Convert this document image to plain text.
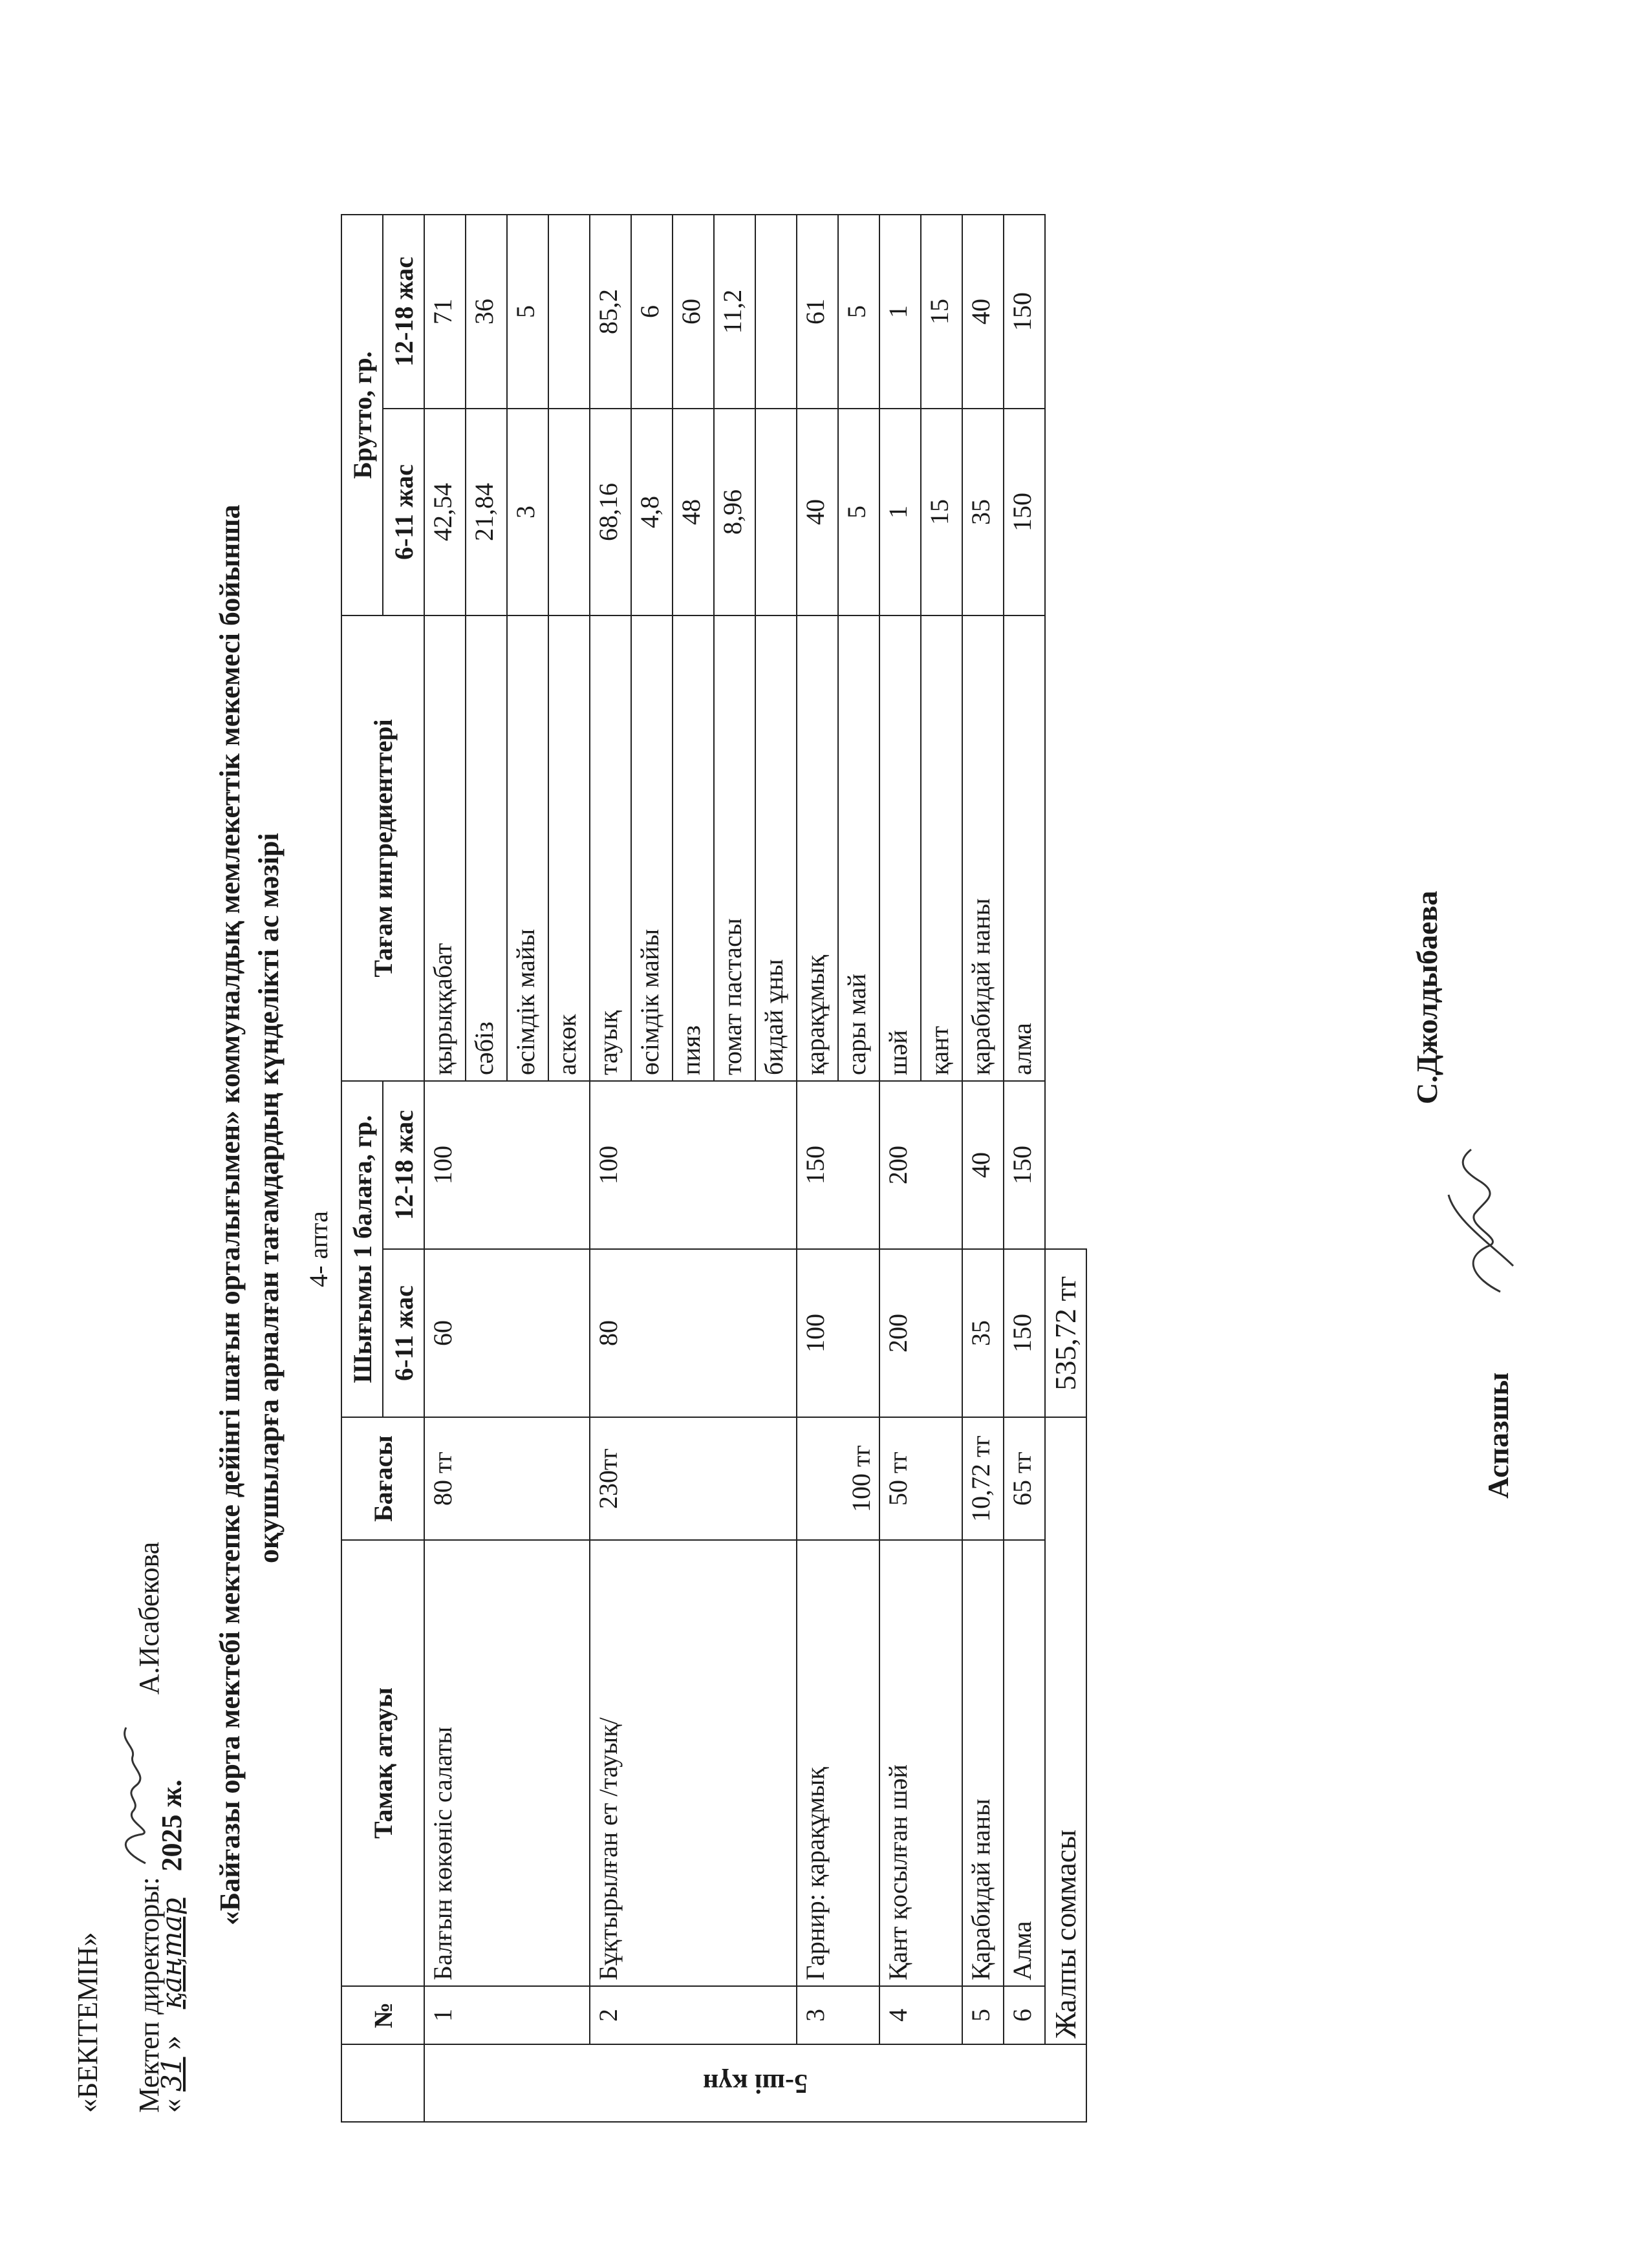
«БЕКІТЕМІН»	Мектеп директоры:  А.Исабекова
« 31 » қаңтар 2025 ж. «Байғазы орта мектебі мектепке дейінгі шағын орталығымен» коммуналдық мемлекеттік мекемесі бойынша оқушыларға арналған тағамдардың күнделікті ас мәзірі
				4- апта				
	№	Тамақ атауы	Бағасы	Шығымы 1 балаға, гр.		Тағам ингредиенттері	Брутто, гр.	
				6-11 жас	12-18 жас		6-11 жас	12-18 жас

5-ші күн	1	Балғын көкөніс салаты	80 тг	60	100	қырыққабат	42,54	71
						сәбіз	21,84	36
						өсімдік майы	3	5
						аскөк		
	2	Бұқтырылған ет /тауық/	230тг	80	100	тауық	68,16	85,2
						өсімдік майы	4,8	6
						пияз	48	60
						томат пастасы	8,96	11,2
						бидай ұны		
	3	Гарнир: қарақұмық	100 тг	100	150	қарақұмық	40	61
						сары май	5	5
	4	Қант қосылған шәй	50 тг	200	200	шәй	1	1
						қант	15	15
	5	Қарабидай наны	10,72 тг	35	40	қарабидай наны	35	40
	6	Алма	65 тг	150	150	алма	150	150
	Жалпы соммасы			535,72 тг				
Аспазшы
С.Джолдыбаева
